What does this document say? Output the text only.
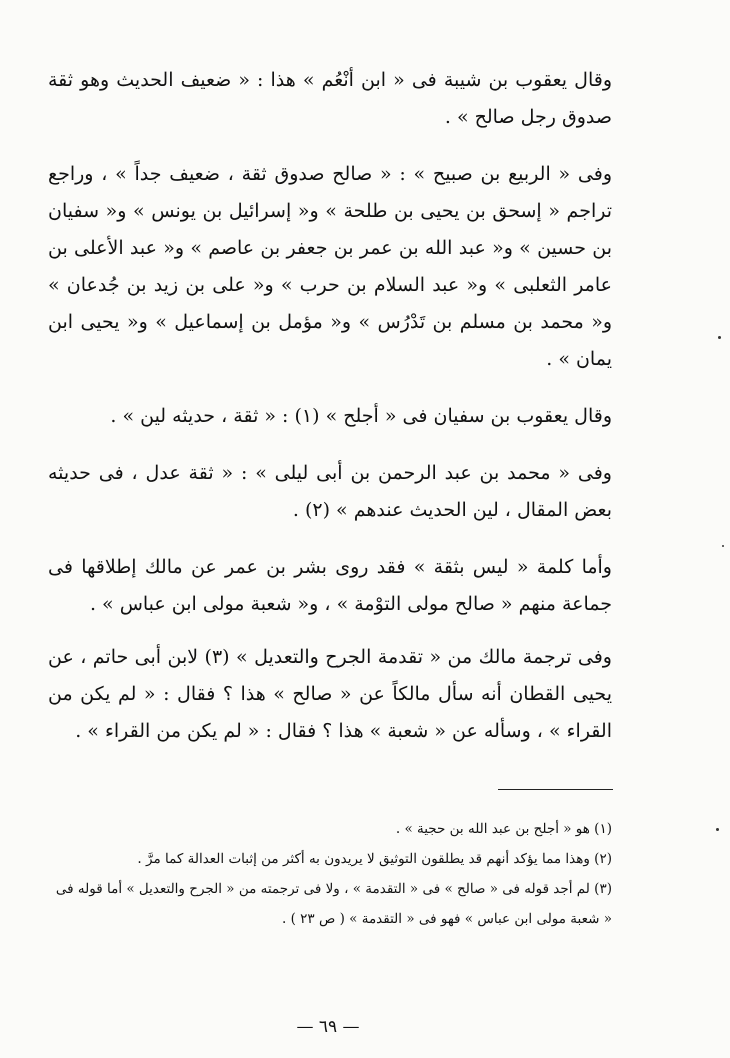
وقال يعقوب بن شيبة فى « ابن أنْعُم » هذا : « ضعيف الحديث وهو ثقة صدوق رجل صالح » .

وفى « الربيع بن صبيح » : « صالح صدوق ثقة ، ضعيف جداً » ، وراجع تراجم « إسحق بن يحيى بن طلحة » و« إسرائيل بن يونس » و« سفيان بن حسين » و« عبد الله بن عمر بن جعفر بن عاصم » و« عبد الأعلى بن عامر الثعلبى » و« عبد السلام بن حرب » و« على بن زيد بن جُدعان » و« محمد بن مسلم بن تَدْرُس » و« مؤمل بن إسماعيل » و« يحيى ابن يمان » .

وقال يعقوب بن سفيان فى « أجلح » (١) : « ثقة ، حديثه لين » .

وفى « محمد بن عبد الرحمن بن أبى ليلى » : « ثقة عدل ، فى حديثه بعض المقال ، لين الحديث عندهم » (٢) .

وأما كلمة « ليس بثقة » فقد روى بشر بن عمر عن مالك إطلاقها فى جماعة منهم « صالح مولى التوْمة » ، و« شعبة مولى ابن عباس » .

وفى ترجمة مالك من « تقدمة الجرح والتعديل » (٣) لابن أبى حاتم ، عن يحيى القطان أنه سأل مالكاً عن « صالح » هذا ؟ فقال : « لم يكن من القراء » ، وسأله عن « شعبة » هذا ؟ فقال : « لم يكن من القراء » .

(١) هو « أجلح بن عبد الله بن حجية » .

(٢) وهذا مما يؤكد أنهم قد يطلقون التوثيق لا يريدون به أكثر من إثبات العدالة كما مرَّ .

(٣) لم أجد قوله فى « صالح » فى « التقدمة » ، ولا فى ترجمته من « الجرح والتعديل » أما قوله فى « شعبة مولى ابن عباس » فهو فى « التقدمة » ( ص ٢٣ ) .

— ٦٩ —
